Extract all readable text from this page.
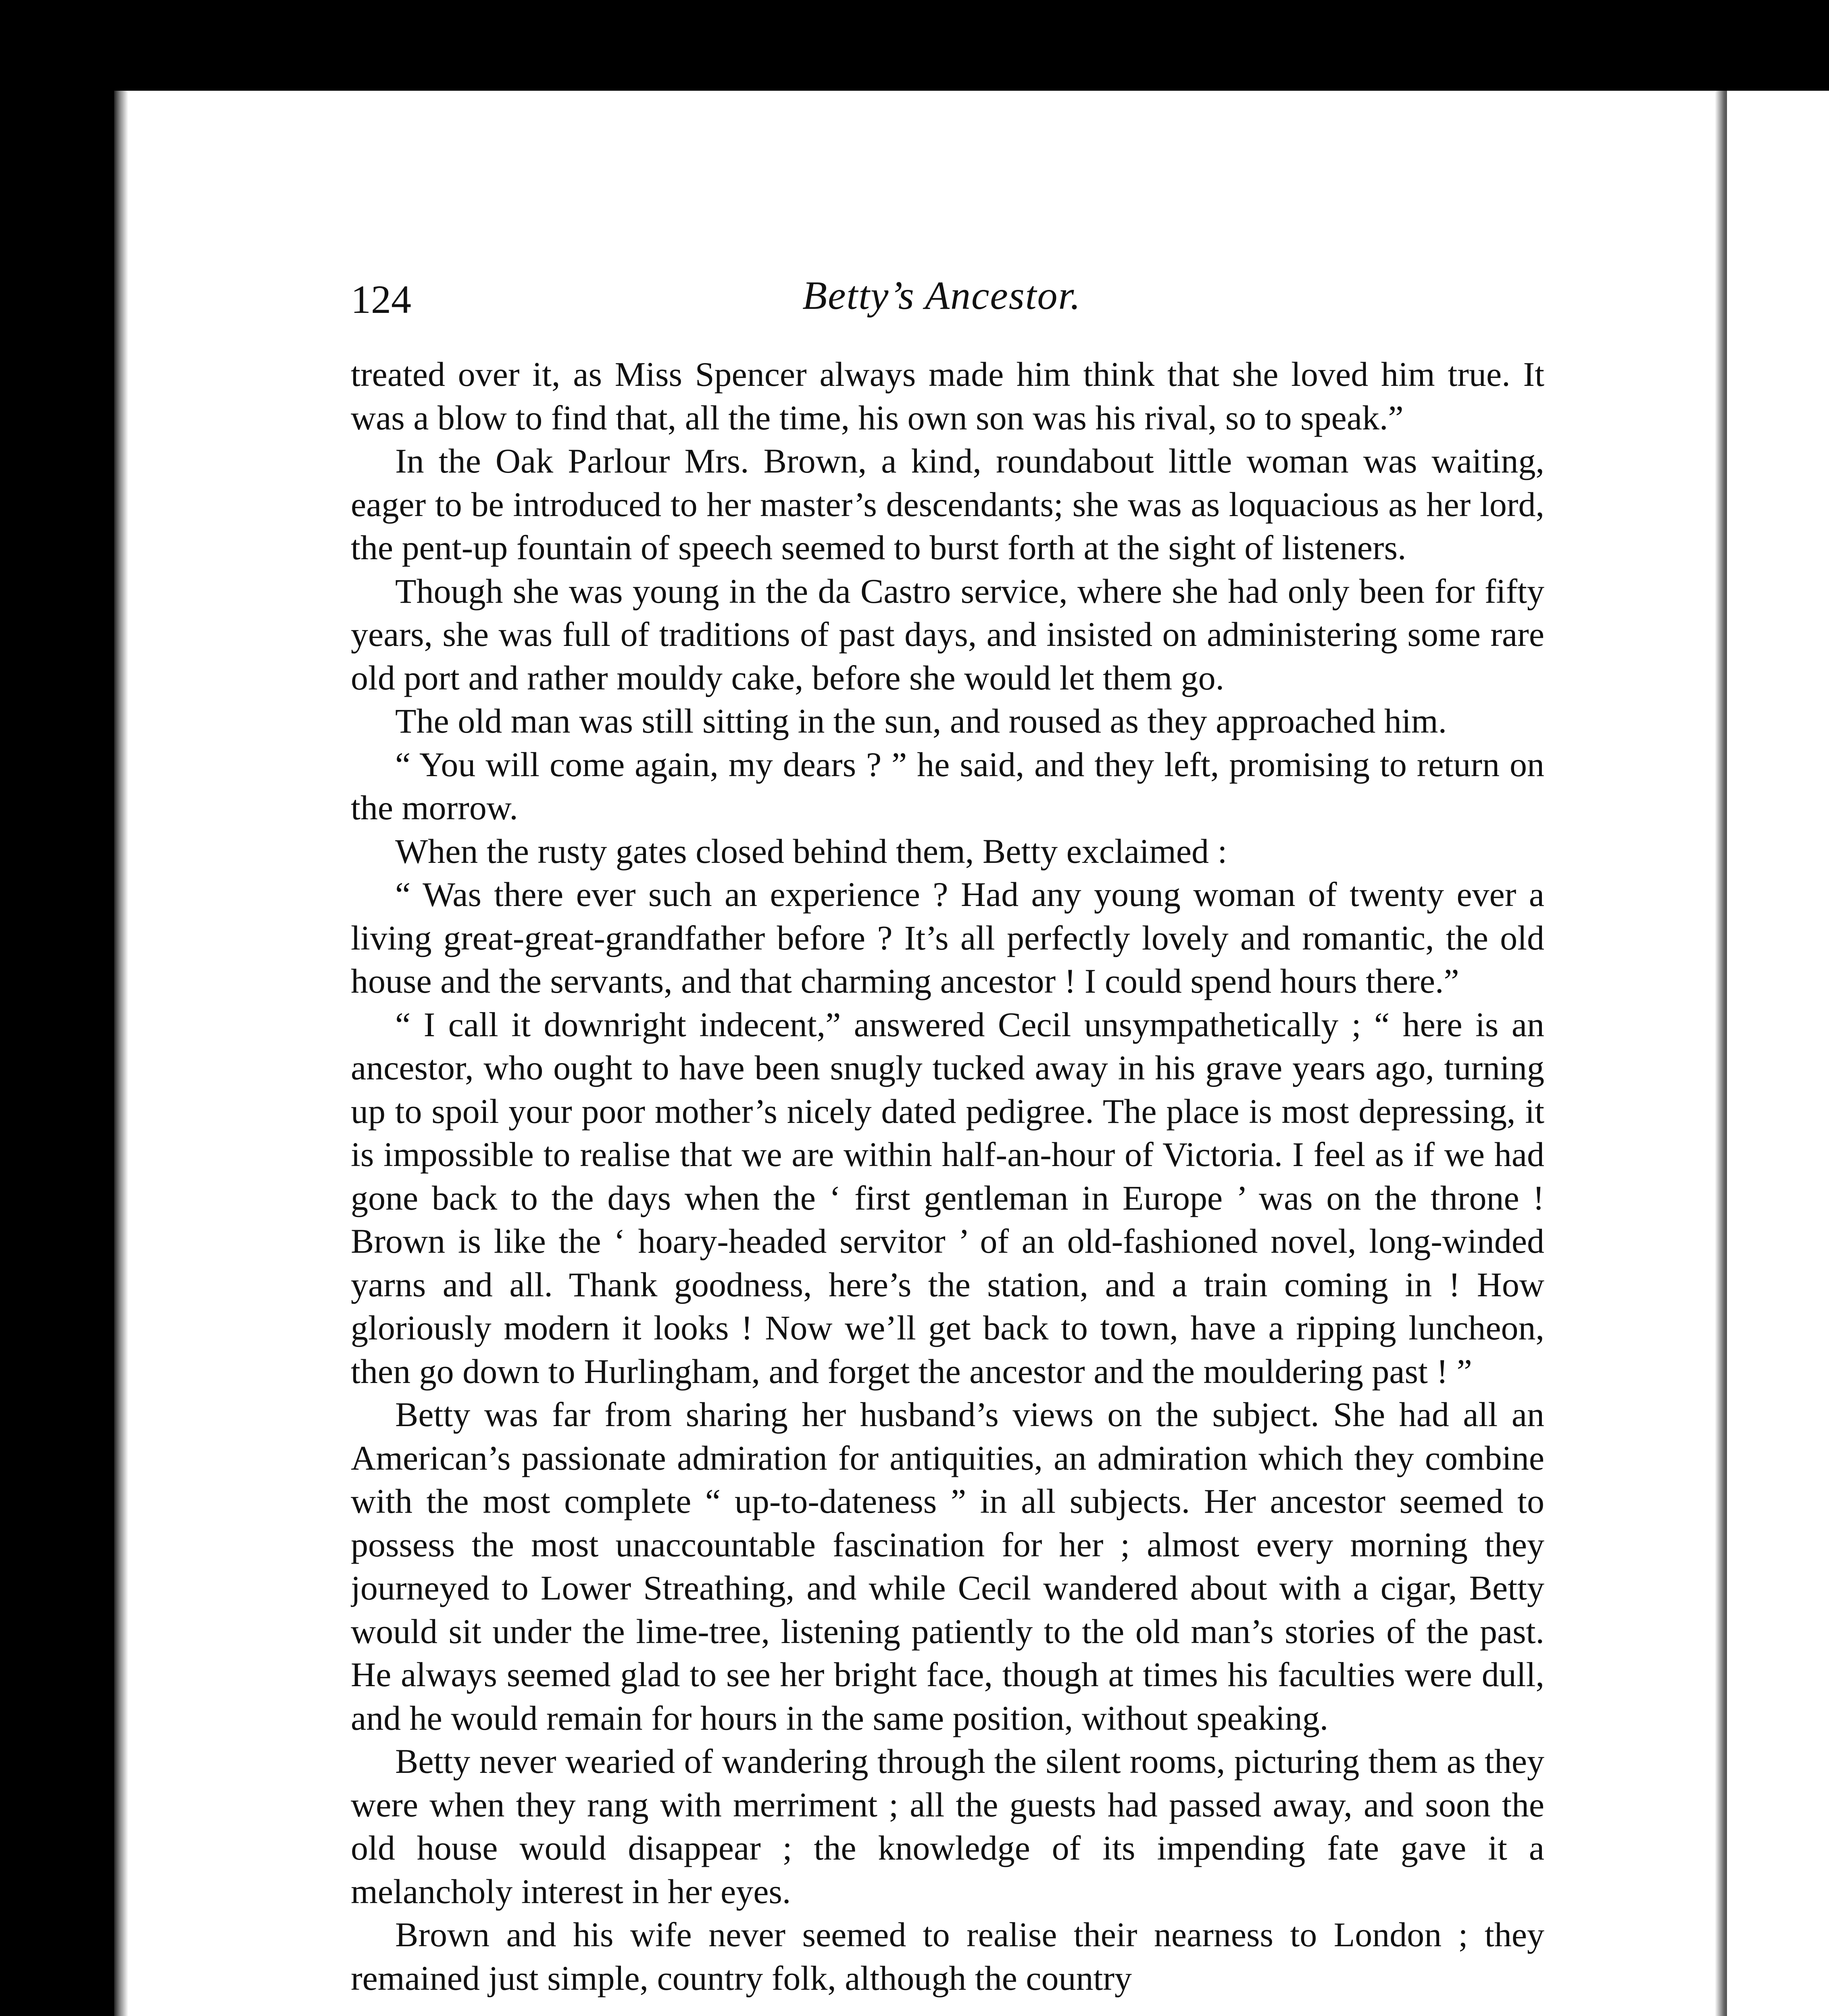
124	Betty’s Ancestor.

treated over it, as Miss Spencer always made him think that she loved him true. It was a blow to find that, all the time, his own son was his rival, so to speak.”

In the Oak Parlour Mrs. Brown, a kind, roundabout little woman was waiting, eager to be introduced to her master’s descendants; she was as loquacious as her lord, the pent-up fountain of speech seemed to burst forth at the sight of listeners.

Though she was young in the da Castro service, where she had only been for fifty years, she was full of traditions of past days, and insisted on administering some rare old port and rather mouldy cake, before she would let them go.

The old man was still sitting in the sun, and roused as they approached him.

“ You will come again, my dears ? ” he said, and they left, promising to return on the morrow.

When the rusty gates closed behind them, Betty exclaimed :

“ Was there ever such an experience ? Had any young woman of twenty ever a living great-great-grandfather before ? It’s all perfectly lovely and romantic, the old house and the servants, and that charming ancestor ! I could spend hours there.”

“ I call it downright indecent,” answered Cecil unsympathetically ; “ here is an ancestor, who ought to have been snugly tucked away in his grave years ago, turning up to spoil your poor mother’s nicely dated pedigree. The place is most depressing, it is impossible to realise that we are within half-an-hour of Victoria. I feel as if we had gone back to the days when the ‘ first gentleman in Europe ’ was on the throne ! Brown is like the ‘ hoary-headed servitor ’ of an old-fashioned novel, long-winded yarns and all. Thank goodness, here’s the station, and a train coming in ! How gloriously modern it looks ! Now we’ll get back to town, have a ripping luncheon, then go down to Hurlingham, and forget the ancestor and the mouldering past ! ”

Betty was far from sharing her husband’s views on the subject. She had all an American’s passionate admiration for antiquities, an admiration which they combine with the most complete “ up-to-dateness ” in all subjects. Her ancestor seemed to possess the most unaccountable fascination for her ; almost every morning they journeyed to Lower Streathing, and while Cecil wandered about with a cigar, Betty would sit under the lime-tree, listening patiently to the old man’s stories of the past. He always seemed glad to see her bright face, though at times his faculties were dull, and he would remain for hours in the same position, without speaking.

Betty never wearied of wandering through the silent rooms, picturing them as they were when they rang with merriment ; all the guests had passed away, and soon the old house would disappear ; the knowledge of its impending fate gave it a melancholy interest in her eyes.

Brown and his wife never seemed to realise their nearness to London ; they remained just simple, country folk, although the country
